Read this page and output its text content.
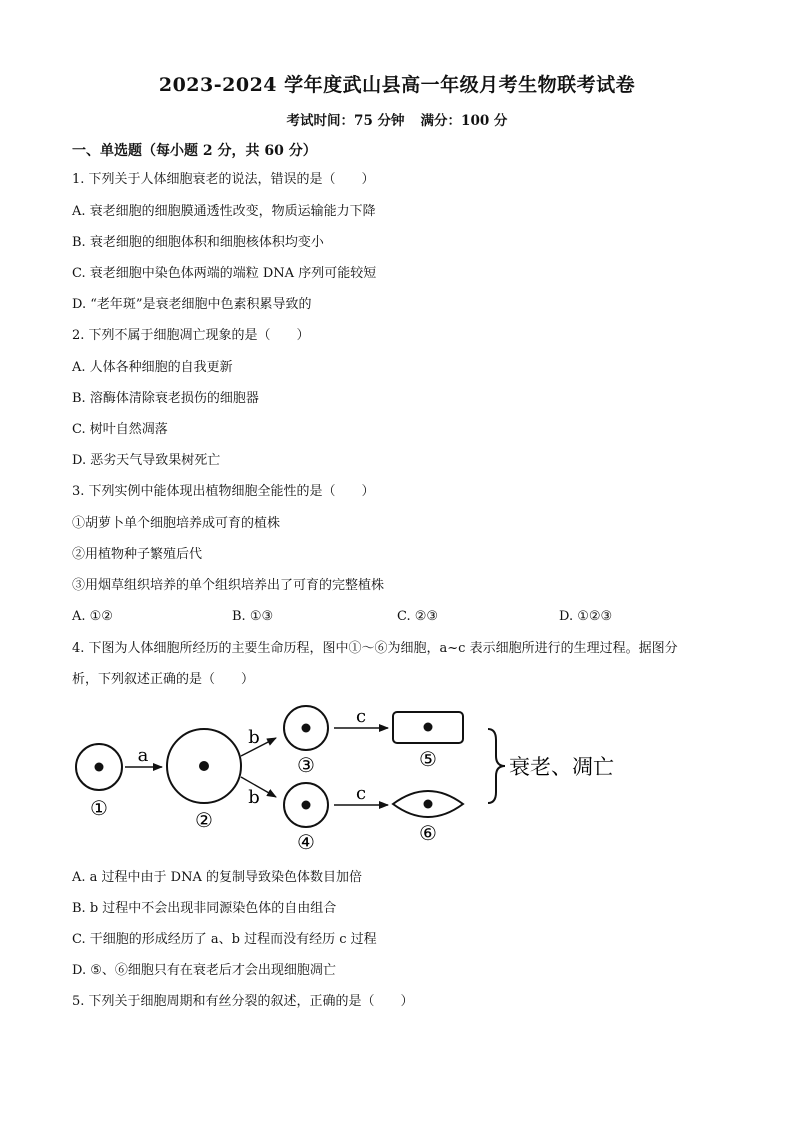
2023-2024 学年度武山县高一年级月考生物联考试卷
考试时间：75 分钟 满分：100 分
一、单选题（每小题 2 分，共 60 分）
1. 下列关于人体细胞衰老的说法，错误的是（　　）
A. 衰老细胞的细胞膜通透性改变，物质运输能力下降
B. 衰老细胞的细胞体积和细胞核体积均变小
C. 衰老细胞中染色体两端的端粒 DNA 序列可能较短
D. “老年斑”是衰老细胞中色素积累导致的
2. 下列不属于细胞凋亡现象的是（　　）
A. 人体各种细胞的自我更新
B. 溶酶体清除衰老损伤的细胞器
C. 树叶自然凋落
D. 恶劣天气导致果树死亡
3. 下列实例中能体现出植物细胞全能性的是（　　）
①胡萝卜单个细胞培养成可育的植株
②用植物种子繁殖后代
③用烟草组织培养的单个组织培养出了可育的完整植株
A. ①②	B. ①③	C. ②③	D. ①②③
4. 下图为人体细胞所经历的主要生命历程，图中①～⑥为细胞，a~c 表示细胞所进行的生理过程。据图分
析，下列叙述正确的是（　　）
①
a
②
b
b
③
④
c
c
⑤
⑥
衰老、凋亡
A. a 过程中由于 DNA 的复制导致染色体数目加倍
B. b 过程中不会出现非同源染色体的自由组合
C. 干细胞的形成经历了 a、b 过程而没有经历 c 过程
D. ⑤、⑥细胞只有在衰老后才会出现细胞凋亡
5. 下列关于细胞周期和有丝分裂的叙述，正确的是（　　）
